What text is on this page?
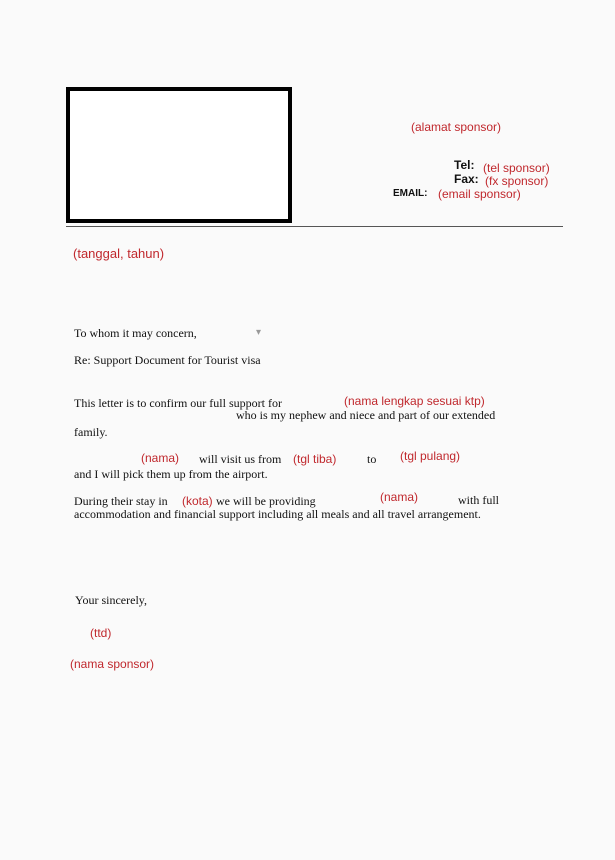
(alamat sponsor)
Tel: (tel sponsor)
Fax: (fx sponsor)
EMAIL: (email sponsor)
(tanggal, tahun)
To whom it may concern,	▾
Re: Support Document for Tourist visa
This letter is to confirm our full support for	(nama lengkap sesuai ktp)
who is my nephew and niece and part of our extended
family.
(nama) will visit us from (tgl tiba)	to (tgl pulang)
and I will pick them up from the airport.
During their stay in (kota) we will be providing	(nama)	with full
accommodation and financial support including all meals and all travel arrangement.
Your sincerely,
(ttd)
(nama sponsor)
